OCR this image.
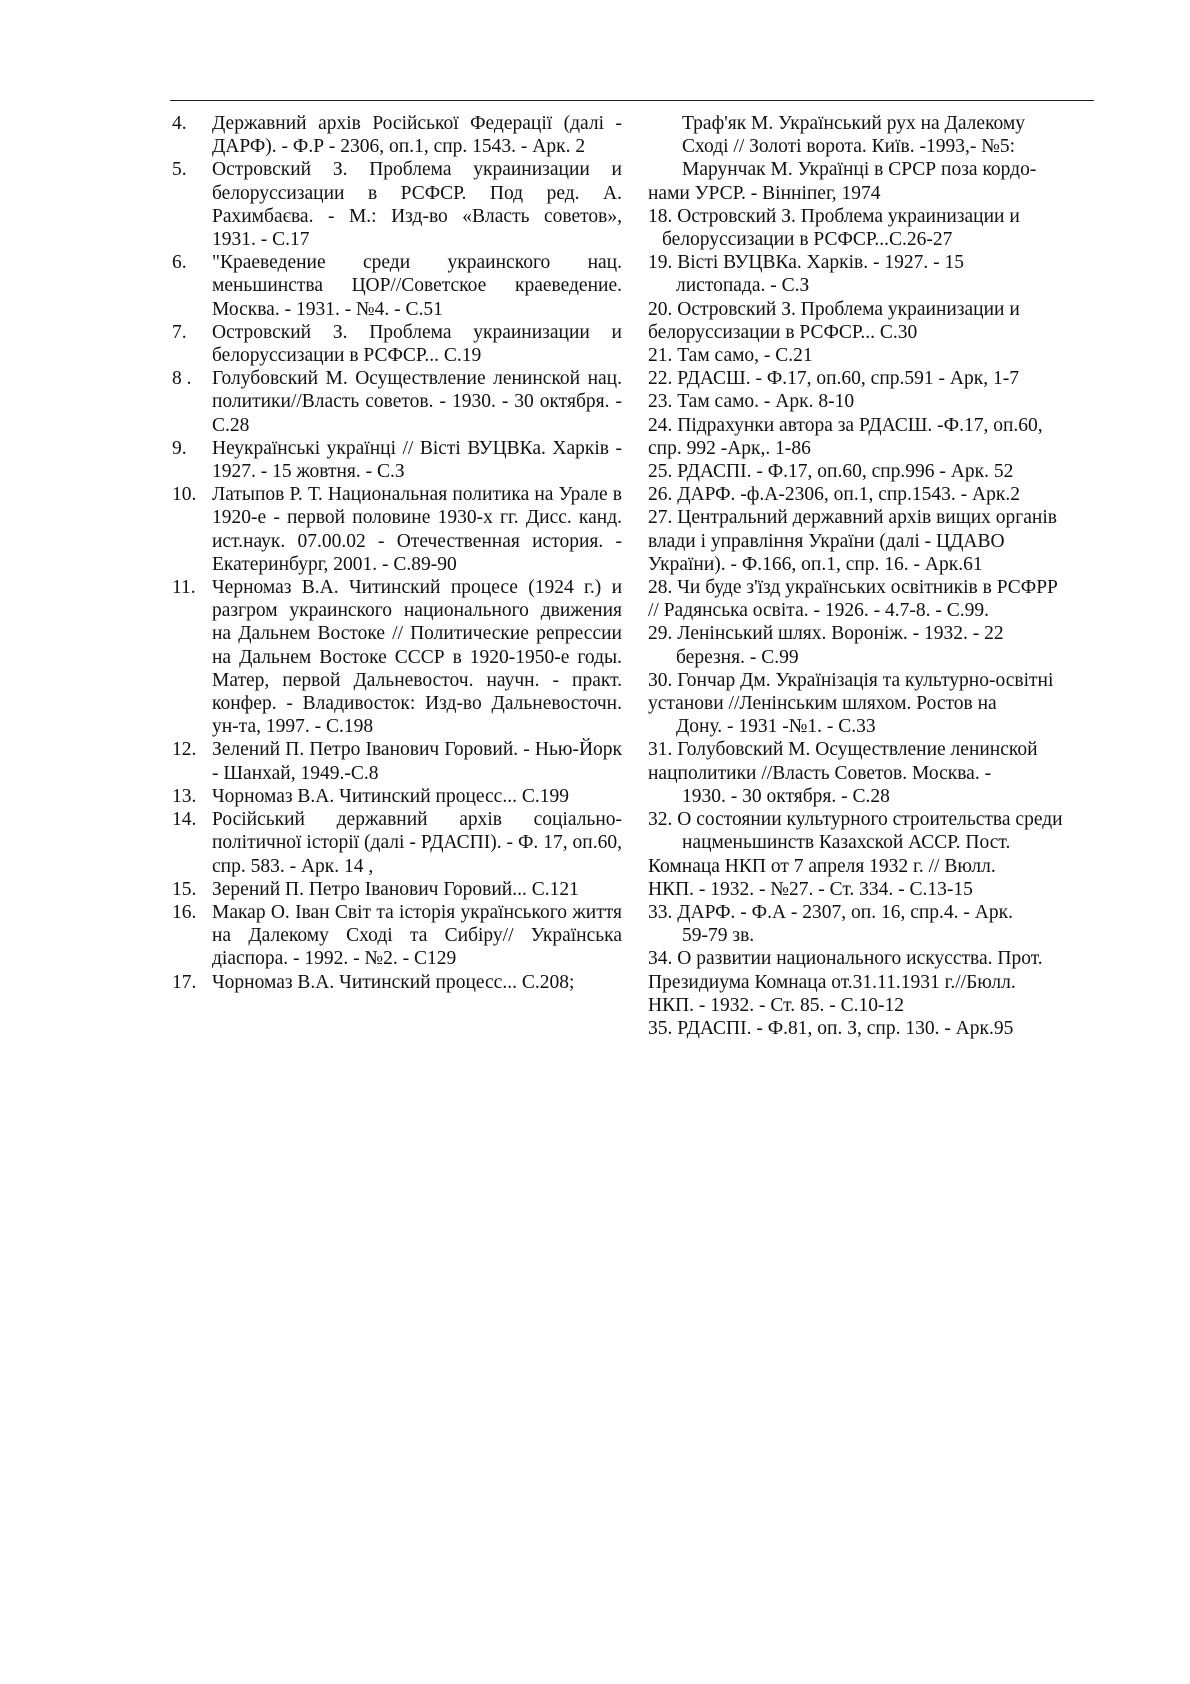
4. Державний архів Російської Федерації (далі - ДАРФ). - Ф.Р - 2306, оп.1, спр. 1543. - Арк. 2

5. Островский З. Проблема украинизации и белоруссизации в РСФСР. Под ред. А. Рахимбаєва. - М.: Изд-во «Власть советов», 1931. - С.17

6. "Краеведение среди украинского нац. меньшинства ЦОР//Советское краеведение. Москва. - 1931. - №4. - С.51

7. Островский З. Проблема украинизации и белоруссизации в РСФСР... С.19

8 . Голубовский М. Осуществление ленинской нац. политики//Власть советов. - 1930. - 30 октября. - С.28

9. Неукраїнські українці // Вісті ВУЦВКа. Харків - 1927. - 15 жовтня. - С.З

10. Латыпов Р. Т. Национальная политика на Урале в 1920-е - первой половине 1930-х гг. Дисс. канд. ист.наук. 07.00.02 - Отечественная история. - Екатеринбург, 2001. - С.89-90

11. Черномаз В.А. Читинский процесе (1924 г.) и разгром украинского национального движения на Дальнем Востоке // Политические репрессии на Дальнем Востоке СССР в 1920-1950-е годы. Матер, первой Дальневосточ. научн. - практ. конфер. - Владивосток: Изд-во Дальневосточн. ун-та, 1997. - С.198

12. Зелений П. Петро Іванович Горовий. - Нью-Йорк - Шанхай, 1949.-С.8

13. Чорномаз В.А. Читинский процесс... С.199

14. Російський державний архів соціально-політичної історії (далі - РДАСПІ). - Ф. 17, оп.60, спр. 583. - Арк. 14 ,

15. Зерений П. Петро Іванович Горовий... С.121

16. Макар О. Іван Світ та історія українського життя на Далекому Сході та Сибіру// Українська діаспора. - 1992. - №2. - С129

17. Чорномаз В.А. Читинский процесс... С.208;

Траф'як М. Український рух на Далекому
Сході // Золоті ворота. Київ. -1993,- №5:
Марунчак М. Українці в СРСР поза кордо-
нами УРСР. - Вінніпег, 1974

18. Островский З. Проблема украинизации и
белоруссизации в РСФСР...С.26-27

19. Вісті ВУЦВКа. Харків. - 1927. - 15
листопада. - С.З

20. Островский З. Проблема украинизации и
белоруссизации в РСФСР... С.30

21. Там само, - С.21

22. РДАСШ. - Ф.17, оп.60, спр.591 - Арк, 1-7

23. Там само. - Арк. 8-10

24. Підрахунки автора за РДАСШ. -Ф.17, оп.60,
спр. 992 -Арк,. 1-86

25. РДАСПІ. - Ф.17, оп.60, спр.996 - Арк. 52

26. ДАРФ. -ф.А-2306, оп.1, спр.1543. - Арк.2

27. Центральний державний архів вищих органів
влади і управління України (далі - ЦДАВО
України). - Ф.166, оп.1, спр. 16. - Арк.61

28. Чи буде з'їзд українських освітників в РСФРР
// Радянська освіта. - 1926. - 4.7-8. - С.99.

29. Ленінський шлях. Вороніж. - 1932. - 22
березня. - С.99

30. Гончар Дм. Українізація та культурно-освітні
установи //Ленінським шляхом. Ростов на
Дону. - 1931 -№1. - С.33

31. Голубовский М. Осуществление ленинской
нацполитики //Власть Советов. Москва. -
1930. - 30 октября. - С.28

32. О состоянии культурного строительства среди
нацменьшинств Казахской АССР. Пост.
Комнаца НКП от 7 апреля 1932 г. // Вюлл.
НКП. - 1932. - №27. - Ст. 334. - С.13-15

33. ДАРФ. - Ф.А - 2307, оп. 16, спр.4. - Арк.
59-79 зв.

34. О развитии национального искусства. Прот.
Президиума Комнаца от.31.11.1931 г.//Бюлл.
НКП. - 1932. - Ст. 85. - С.10-12

35. РДАСПІ. - Ф.81, оп. З, спр. 130. - Арк.95
